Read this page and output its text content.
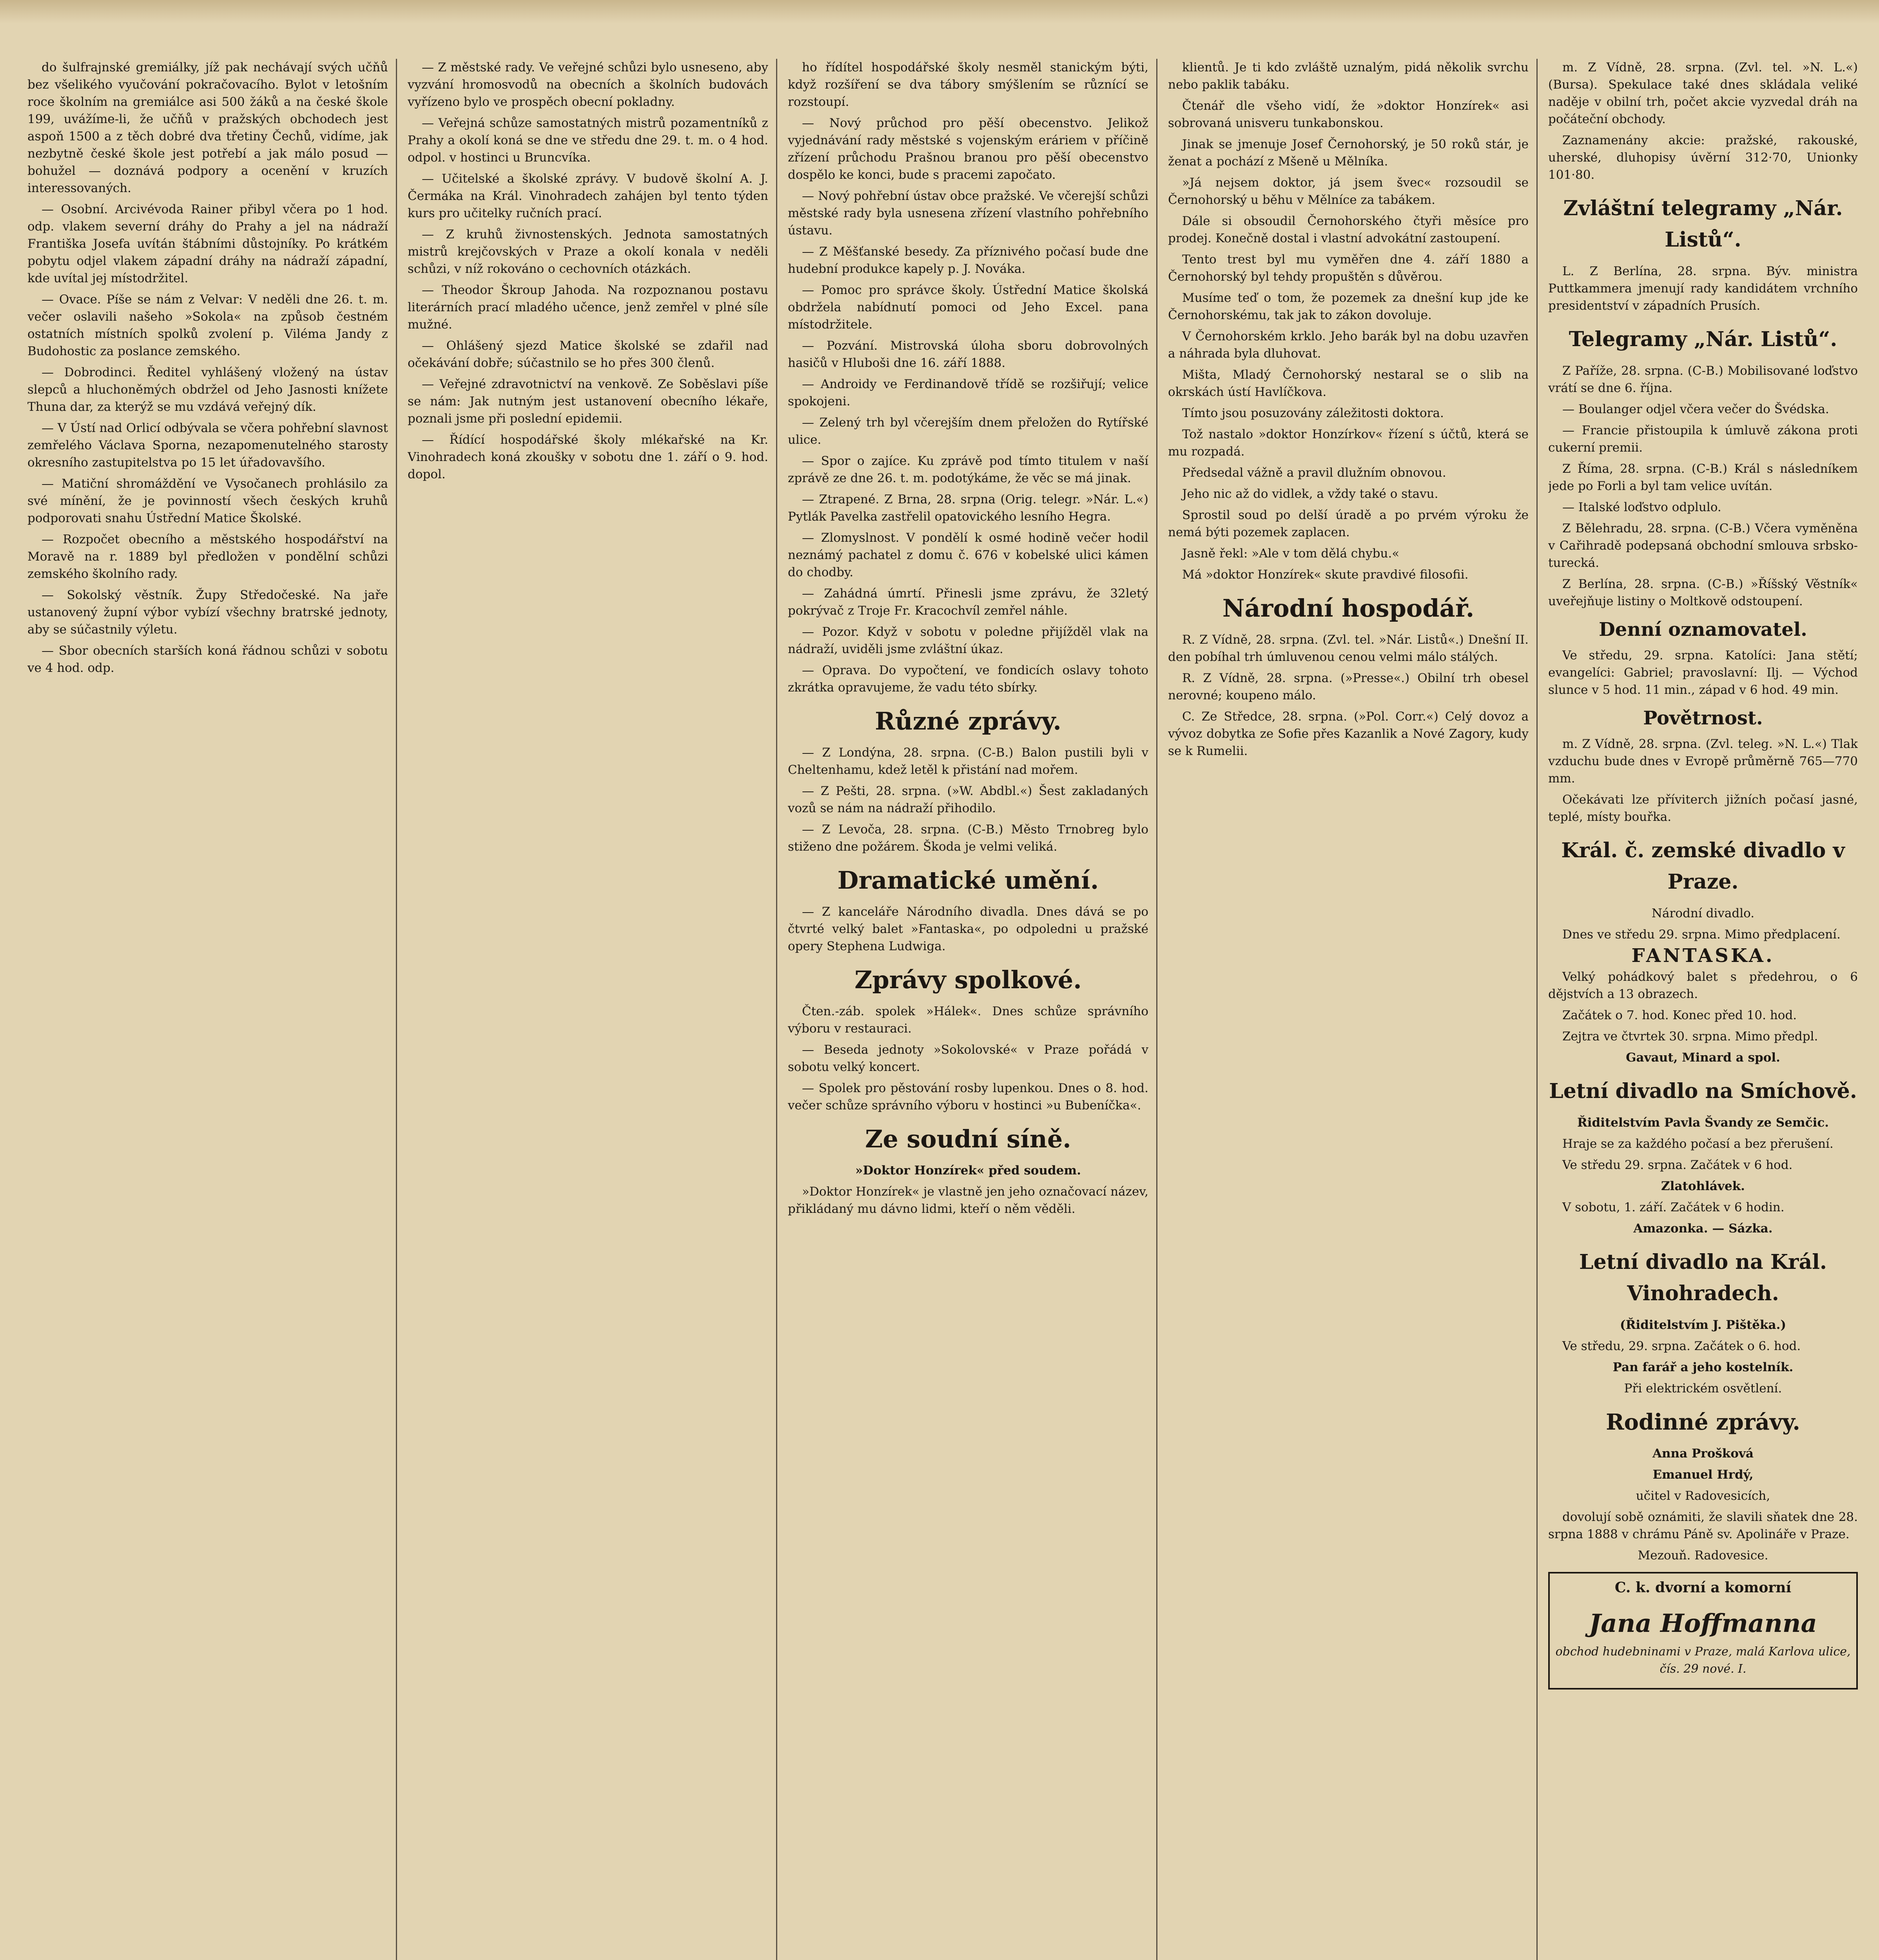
do šulfrajnské gremiálky, jíž pak nechávají svých učňů bez všelikého vyučování pokračovacího. Bylot v letošním roce školním na gremiálce asi 500 žáků a na české škole 199, uvážíme-li, že učňů v pražských obchodech jest aspoň 1500 a z těch dobré dva třetiny Čechů, vidíme, jak nezbytně české škole jest potřebí a jak málo posud — bohužel — doznává podpory a ocenění v kruzích interessovaných.

— Osobní. Arcivévoda Rainer přibyl včera po 1 hod. odp. vlakem severní dráhy do Prahy a jel na nádraží Františka Josefa uvítán štábními důstojníky. Po krátkém pobytu odjel vlakem západní dráhy na nádraží západní, kde uvítal jej místodržitel.

— Ovace. Píše se nám z Velvar: V neděli dne 26. t. m. večer oslavili našeho »Sokola« na způsob čestném ostatních místních spolků zvolení p. Viléma Jandy z Budohostic za poslance zemského.

— Dobrodinci. Ředitel vyhlášený vložený na ústav slepců a hluchoněmých obdržel od Jeho Jasnosti knížete Thuna dar, za kterýž se mu vzdává veřejný dík.

— V Ústí nad Orlicí odbývala se včera pohřební slavnost zemřelého Václava Sporna, nezapomenutelného starosty okresního zastupitelstva po 15 let úřadovavšího.

— Matiční shromáždění ve Vysočanech prohlásilo za své mínění, že je povinností všech českých kruhů podporovati snahu Ústřední Matice Školské.

— Rozpočet obecního a městského hospodářství na Moravě na r. 1889 byl předložen v pondělní schůzi zemského školního rady.

— Sokolský věstník. Župy Středočeské. Na jaře ustanovený župní výbor vybízí všechny bratrské jednoty, aby se súčastnily výletu.

— Sbor obecních starších koná řádnou schůzi v sobotu ve 4 hod. odp.

— Z městské rady. Ve veřejné schůzi bylo usneseno, aby vyzvání hromosvodů na obecních a školních budovách vyřízeno bylo ve prospěch obecní pokladny.

— Veřejná schůze samostatných mistrů pozamentníků z Prahy a okolí koná se dne ve středu dne 29. t. m. o 4 hod. odpol. v hostinci u Bruncvíka.

— Učitelské a školské zprávy. V budově školní A. J. Čermáka na Král. Vinohradech zahájen byl tento týden kurs pro učitelky ručních prací.

— Z kruhů živnostenských. Jednota samostatných mistrů krejčovských v Praze a okolí konala v neděli schůzi, v níž rokováno o cechovních otázkách.

— Theodor Škroup Jahoda. Na rozpoznanou postavu literárních prací mladého učence, jenž zemřel v plné síle mužné.

— Ohlášený sjezd Matice školské se zdařil nad očekávání dobře; súčastnilo se ho přes 300 členů.

— Veřejné zdravotnictví na venkově. Ze Soběslavi píše se nám: Jak nutným jest ustanovení obecního lékaře, poznali jsme při poslední epidemii.

— Řídící hospodářské školy mlékařské na Kr. Vinohradech koná zkoušky v sobotu dne 1. září o 9. hod. dopol.

ho řídítel hospodářské školy nesměl stanickým býti, když rozšíření se dva tábory smýšlením se různící se rozstoupí.

— Nový průchod pro pěší obecenstvo. Jelikož vyjednávání rady městské s vojenským eráriem v příčině zřízení průchodu Prašnou branou pro pěší obecenstvo dospělo ke konci, bude s pracemi započato.

— Nový pohřební ústav obce pražské. Ve včerejší schůzi městské rady byla usnesena zřízení vlastního pohřebního ústavu.

— Z Měšťanské besedy. Za příznivého počasí bude dne hudební produkce kapely p. J. Nováka.

— Pomoc pro správce školy. Ústřední Matice školská obdržela nabídnutí pomoci od Jeho Excel. pana místodržitele.

— Pozvání. Mistrovská úloha sboru dobrovolných hasičů v Hluboši dne 16. září 1888.

— Androidy ve Ferdinandově třídě se rozšiřují; velice spokojeni.

— Zelený trh byl včerejším dnem přeložen do Rytířské ulice.

— Spor o zajíce. Ku zprávě pod tímto titulem v naší zprávě ze dne 26. t. m. podotýkáme, že věc se má jinak.

— Ztrapené. Z Brna, 28. srpna (Orig. telegr. »Nár. L.«) Pytlák Pavelka zastřelil opatovického lesního Hegra.

— Zlomyslnost. V pondělí k osmé hodině večer hodil neznámý pachatel z domu č. 676 v kobelské ulici kámen do chodby.

— Zahádná úmrtí. Přinesli jsme zprávu, že 32letý pokrývač z Troje Fr. Kracochvíl zemřel náhle.

— Pozor. Když v sobotu v poledne přijížděl vlak na nádraží, uviděli jsme zvláštní úkaz.

— Oprava. Do vypočtení, ve fondicích oslavy tohoto zkrátka opravujeme, že vadu této sbírky.

Různé zprávy.

— Z Londýna, 28. srpna. (C-B.) Balon pustili byli v Cheltenhamu, kdež letěl k přistání nad mořem.

— Z Pešti, 28. srpna. (»W. Abdbl.«) Šest zakladaných vozů se nám na nádraží přihodilo.

— Z Levoča, 28. srpna. (C-B.) Město Trnobreg bylo stiženo dne požárem. Škoda je velmi veliká.

Dramatické umění.

— Z kanceláře Národního divadla. Dnes dává se po čtvrté velký balet »Fantaska«, po odpoledni u pražské opery Stephena Ludwiga.

Zprávy spolkové.

Čten.-záb. spolek »Hálek«. Dnes schůze správního výboru v restauraci.

— Beseda jednoty »Sokolovské« v Praze pořádá v sobotu velký koncert.

— Spolek pro pěstování rosby lupenkou. Dnes o 8. hod. večer schůze správního výboru v hostinci »u Bubeníčka«.

Ze soudní síně.

»Doktor Honzírek« před soudem.

»Doktor Honzírek« je vlastně jen jeho označovací název, přikládaný mu dávno lidmi, kteří o něm věděli.

klientů. Je ti kdo zvláště uznalým, pidá několik svrchu nebo paklik tabáku.

Čtenář dle všeho vidí, že »doktor Honzírek« asi sobrovaná unisveru tunkabonskou.

Jinak se jmenuje Josef Černohorský, je 50 roků stár, je ženat a pochází z Mšeně u Mělníka.

»Já nejsem doktor, já jsem švec« rozsoudil se Černohorský u běhu v Mělníce za tabákem.

Dále si obsoudil Černohorského čtyři měsíce pro prodej. Konečně dostal i vlastní advokátní zastoupení.

Tento trest byl mu vyměřen dne 4. září 1880 a Černohorský byl tehdy propuštěn s důvěrou.

Musíme teď o tom, že pozemek za dnešní kup jde ke Černohorskému, tak jak to zákon dovoluje.

V Černohorském krklo. Jeho barák byl na dobu uzavřen a náhrada byla dluhovat.

Mišta, Mladý Černohorský nestaral se o slib na okrskách ústí Havlíčkova.

Tímto jsou posuzovány záležitosti doktora.

Tož nastalo »doktor Honzírkov« řízení s účtů, která se mu rozpadá.

Předsedal vážně a pravil dlužním obnovou.

Jeho nic až do vidlek, a vždy také o stavu.

Sprostil soud po delší úradě a po prvém výroku že nemá býti pozemek zaplacen.

Jasně řekl: »Ale v tom dělá chybu.«

Má »doktor Honzírek« skute pravdivé filosofii.

Národní hospodář.

R. Z Vídně, 28. srpna. (Zvl. tel. »Nár. Listů«.) Dnešní II. den pobíhal trh úmluvenou cenou velmi málo stálých.

R. Z Vídně, 28. srpna. (»Presse«.) Obilní trh obesel nerovné; koupeno málo.

C. Ze Středce, 28. srpna. (»Pol. Corr.«) Celý dovoz a vývoz dobytka ze Sofie přes Kazanlik a Nové Zagory, kudy se k Rumelii.

m. Z Vídně, 28. srpna. (Zvl. tel. »N. L.«) (Bursa). Spekulace také dnes skládala veliké naděje v obilní trh, počet akcie vyzvedal dráh na počáteční obchody.

Zaznamenány akcie: pražské, rakouské, uherské, dluhopisy úvěrní 312·70, Unionky 101·80.

Zvláštní telegramy „Nár. Listů“.

L. Z Berlína, 28. srpna. Býv. ministra Puttkammera jmenují rady kandidátem vrchního presidentství v západních Prusích.

Telegramy „Nár. Listů“.

Z Paříže, 28. srpna. (C-B.) Mobilisované loďstvo vrátí se dne 6. října.

— Boulanger odjel včera večer do Švédska.

— Francie přistoupila k úmluvě zákona proti cukerní premii.

Z Říma, 28. srpna. (C-B.) Král s následníkem jede po Forli a byl tam velice uvítán.

— Italské loďstvo odplulo.

Z Bělehradu, 28. srpna. (C-B.) Včera vyměněna v Cařihradě podepsaná obchodní smlouva srbsko-turecká.

Z Berlína, 28. srpna. (C-B.) »Říšský Věstník« uveřejňuje listiny o Moltkově odstoupení.

Denní oznamovatel.

Ve středu, 29. srpna. Katolíci: Jana stětí; evangelíci: Gabriel; pravoslavní: Ilj. — Východ slunce v 5 hod. 11 min., západ v 6 hod. 49 min.

Povětrnost.

m. Z Vídně, 28. srpna. (Zvl. teleg. »N. L.«) Tlak vzduchu bude dnes v Evropě průměrně 765—770 mm.

Očekávati lze příviterch jižních počasí jasné, teplé, místy bouřka.

Král. č. zemské divadlo v Praze.

Národní divadlo.

Dnes ve středu 29. srpna. Mimo předplacení.

FANTASKA.

Velký pohádkový balet s předehrou, o 6 dějstvích a 13 obrazech.

Začátek o 7. hod. Konec před 10. hod.

Zejtra ve čtvrtek 30. srpna. Mimo předpl.

Gavaut, Minard a spol.

Letní divadlo na Smíchově.

Řiditelstvím Pavla Švandy ze Semčic.

Hraje se za každého počasí a bez přerušení.

Ve středu 29. srpna. Začátek v 6 hod.

Zlatohlávek.

V sobotu, 1. září. Začátek v 6 hodin.

Amazonka. — Sázka.

Letní divadlo na Král. Vinohradech.

(Řiditelstvím J. Pištěka.)

Ve středu, 29. srpna. Začátek o 6. hod.

Pan farář a jeho kostelník.

Při elektrickém osvětlení.

Rodinné zprávy.

Anna Prošková

Emanuel Hrdý,

učitel v Radovesicích,

dovolují sobě oznámiti, že slavili sňatek dne 28. srpna 1888 v chrámu Páně sv. Apolináře v Praze.

Mezouň. Radovesice.

C. k. dvorní a komorní
Jana Hoffmanna
obchod hudebninami v Praze, malá Karlova ulice, čís. 29 nové. I.
